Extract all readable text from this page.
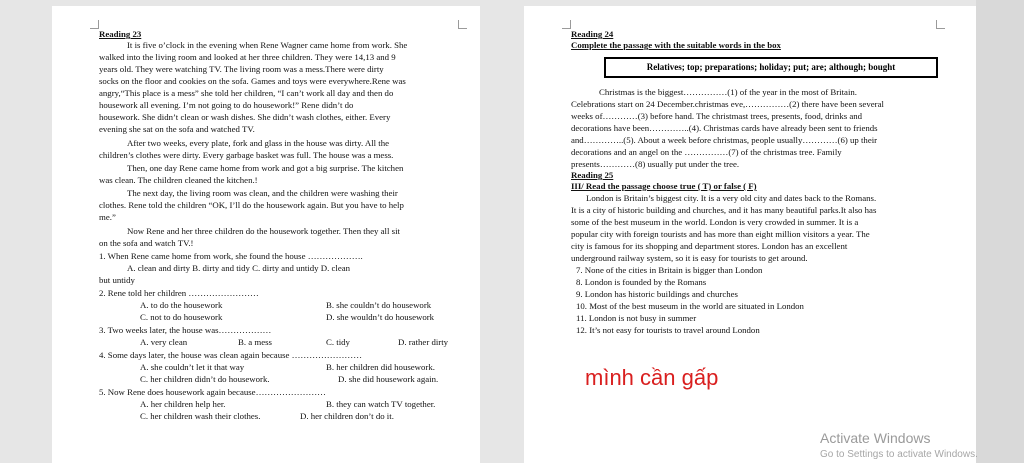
Reading 23
It is five o’clock in the evening when Rene Wagner came home from work. She
walked into the living room and looked at her three children. They were 14,13 and 9
years old. They were watching TV. The living room was a mess.There were dirty
socks on the floor and cookies on the sofa. Games and toys were everywhere.Rene was
angry,“This place is a mess” she told her children, “I can’t work all day and then do
housework all evening. I’m not going to do housework!” Rene didn’t do
housework. She didn’t clean or wash dishes. She didn’t wash clothes, either. Every
evening she sat on the sofa and watched TV.
After two weeks, every plate, fork and glass in the house was dirty. All the
children’s clothes were dirty. Every garbage basket was full. The house was a mess.
Then, one day Rene came home from work and got a big surprise. The kitchen
was clean. The children cleaned the kitchen.!
The next day, the living room was clean, and the children were washing their
clothes. Rene told the children “OK, I’ll do the housework again. But you have to help
me.”
Now Rene and her three children do the housework together. Then they all sit
on the sofa and watch TV.!
1. When Rene came home from work, she found the house ……………….
A. clean and dirty B. dirty and tidy C. dirty and untidy D. clean
but untidy
2. Rene told her children ……………………
A. to do the housework	B. she couldn’t do housework
C. not to do housework	D. she wouldn’t do housework
3. Two weeks later, the house was………………
A. very clean	B. a mess	C. tidy	D. rather dirty
4. Some days later, the house was clean again because ……………………
A. she couldn’t let it that way	B. her children did housework.
C. her children didn’t do housework.	D. she did housework again.
5. Now Rene does housework again because……………………
A. her children help her.	B. they can watch TV together.
C. her children wash their clothes.	D. her children don’t do it.
Reading 24
Complete the passage with the suitable words in the box
Relatives; top; preparations; holiday; put; are; although; bought
Christmas is the biggest……………(1) of the year in the most of Britain.
Celebrations start on 24 December.christmas eve,……………(2) there have been several
weeks of…………(3) before hand. The christmast trees, presents, food, drinks and
decorations have been…………..(4). Christmas cards have already been sent to friends
and…………..(5). About a week before christmas, people usually…………(6) up their
decorations and an angel on the ……………(7) of the christmas tree. Family
presents…………(8) usually put under the tree.
Reading 25
III/ Read the passage choose true ( T) or false ( F)
London is Britain’s biggest city. It is a very old city and dates back to the Romans.
It is a city of historic building and churches, and it has many beautiful parks.It also has
some of the best museum in the world. London is very crowded in summer. It is a
popular city with foreign tourists and has more than eight million visitors a year. The
city is famous for its shopping and department stores. London has an excellent
underground railway system, so it is easy for tourists to get around.
7. None of the cities in Britain is bigger than London
8. London is founded by the Romans
9. London has historic buildings and churches
10. Most of the best museum in the world are situated in London
11. London is not busy in summer
12. It’s not easy for tourists to travel around London
mình cần gấp
Activate Windows
Go to Settings to activate Windows.
